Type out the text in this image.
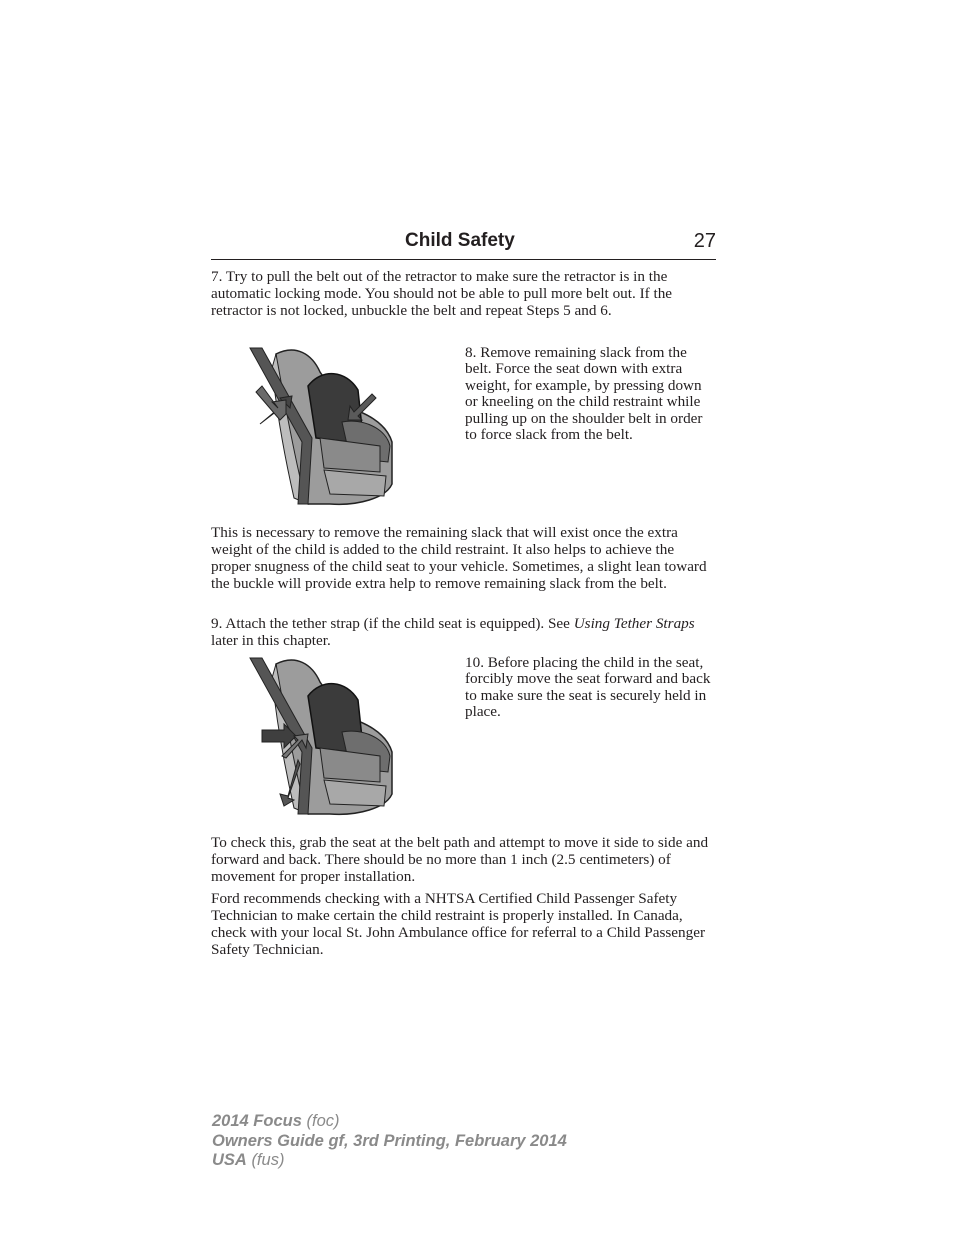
Child Safety	27

7. Try to pull the belt out of the retractor to make sure the retractor is in the automatic locking mode. You should not be able to pull more belt out. If the retractor is not locked, unbuckle the belt and repeat Steps 5 and 6.

8. Remove remaining slack from the belt. Force the seat down with extra weight, for example, by pressing down or kneeling on the child restraint while pulling up on the shoulder belt in order to force slack from the belt.

This is necessary to remove the remaining slack that will exist once the extra weight of the child is added to the child restraint. It also helps to achieve the proper snugness of the child seat to your vehicle. Sometimes, a slight lean toward the buckle will provide extra help to remove remaining slack from the belt.

9. Attach the tether strap (if the child seat is equipped). See Using Tether Straps later in this chapter.

10. Before placing the child in the seat, forcibly move the seat forward and back to make sure the seat is securely held in place.

To check this, grab the seat at the belt path and attempt to move it side to side and forward and back. There should be no more than 1 inch (2.5 centimeters) of movement for proper installation.

Ford recommends checking with a NHTSA Certified Child Passenger Safety Technician to make certain the child restraint is properly installed. In Canada, check with your local St. John Ambulance office for referral to a Child Passenger Safety Technician.

2014 Focus (foc)
Owners Guide gf, 3rd Printing, February 2014
USA (fus)
